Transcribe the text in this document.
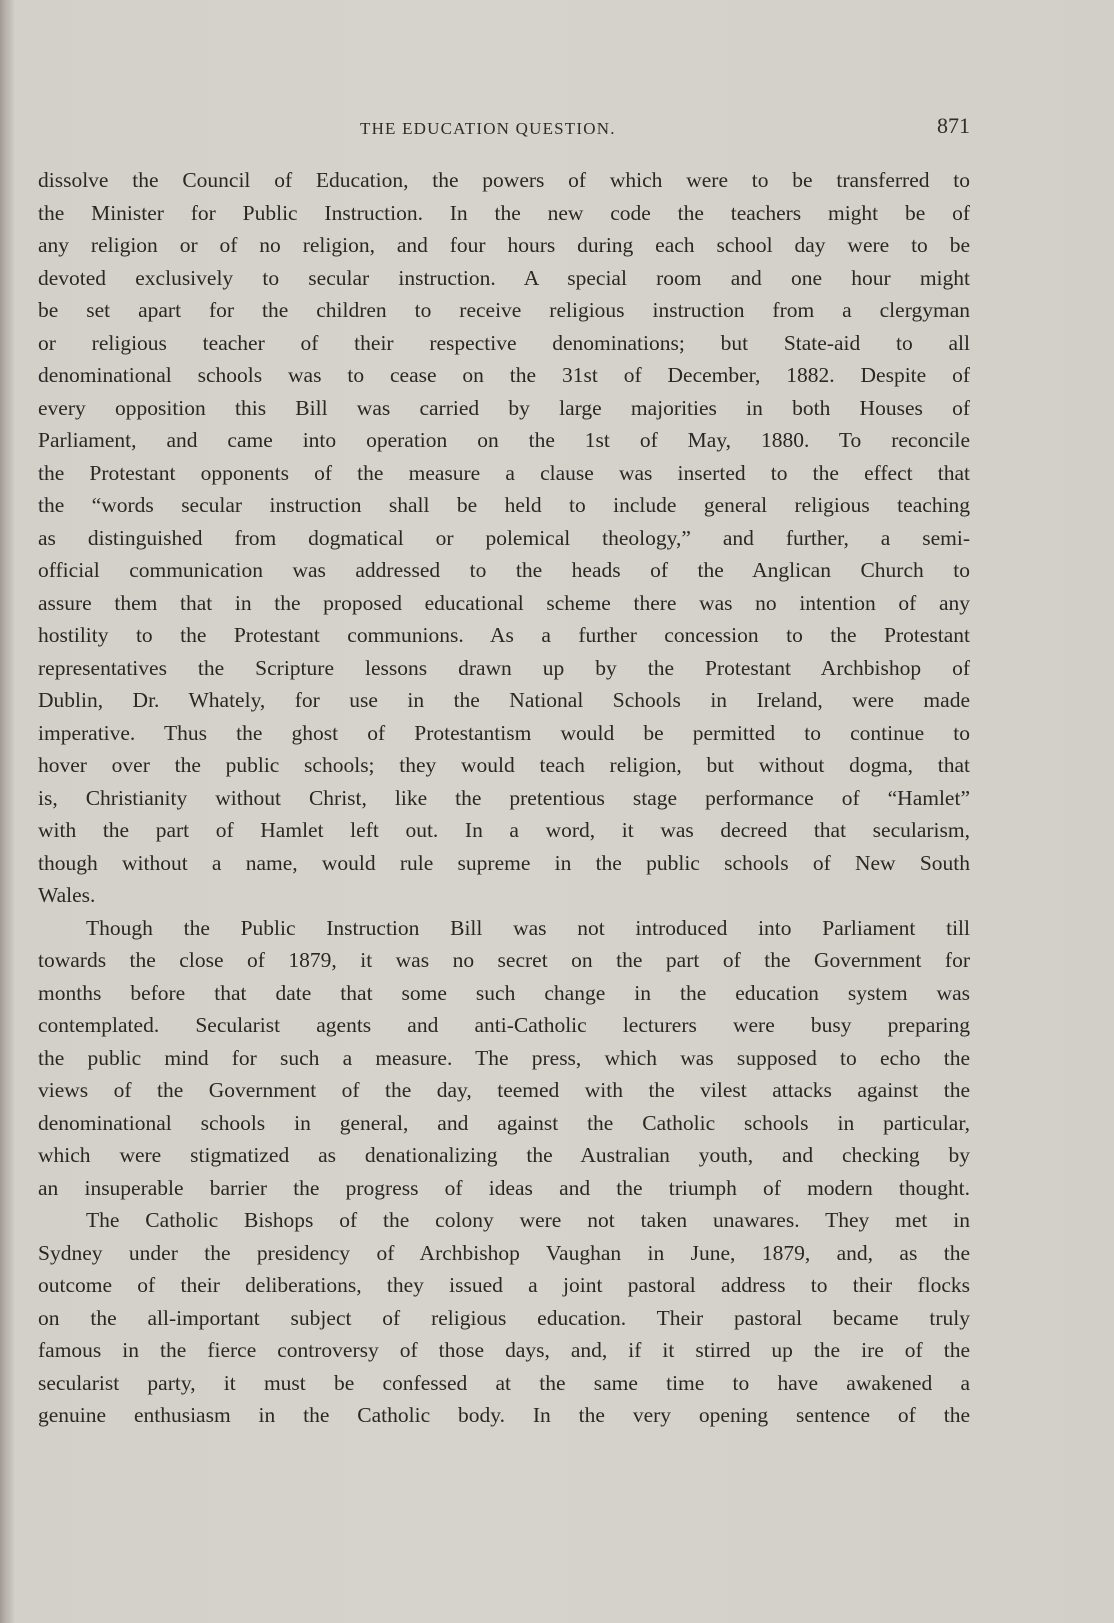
THE EDUCATION QUESTION.	871
dissolve the Council of Education, the powers of which were to be transferred to
the Minister for Public Instruction. In the new code the teachers might be of
any religion or of no religion, and four hours during each school day were to be
devoted exclusively to secular instruction. A special room and one hour might
be set apart for the children to receive religious instruction from a clergyman
or religious teacher of their respective denominations; but State-aid to all
denominational schools was to cease on the 31st of December, 1882. Despite of
every opposition this Bill was carried by large majorities in both Houses of
Parliament, and came into operation on the 1st of May, 1880. To reconcile
the Protestant opponents of the measure a clause was inserted to the effect that
the “words secular instruction shall be held to include general religious teaching
as distinguished from dogmatical or polemical theology,” and further, a semi-
official communication was addressed to the heads of the Anglican Church to
assure them that in the proposed educational scheme there was no intention of any
hostility to the Protestant communions. As a further concession to the Protestant
representatives the Scripture lessons drawn up by the Protestant Archbishop of
Dublin, Dr. Whately, for use in the National Schools in Ireland, were made
imperative. Thus the ghost of Protestantism would be permitted to continue to
hover over the public schools; they would teach religion, but without dogma, that
is, Christianity without Christ, like the pretentious stage performance of “Hamlet”
with the part of Hamlet left out. In a word, it was decreed that secularism,
though without a name, would rule supreme in the public schools of New South
Wales.
Though the Public Instruction Bill was not introduced into Parliament till
towards the close of 1879, it was no secret on the part of the Government for
months before that date that some such change in the education system was
contemplated. Secularist agents and anti-Catholic lecturers were busy preparing
the public mind for such a measure. The press, which was supposed to echo the
views of the Government of the day, teemed with the vilest attacks against the
denominational schools in general, and against the Catholic schools in particular,
which were stigmatized as denationalizing the Australian youth, and checking by
an insuperable barrier the progress of ideas and the triumph of modern thought.
The Catholic Bishops of the colony were not taken unawares. They met in
Sydney under the presidency of Archbishop Vaughan in June, 1879, and, as the
outcome of their deliberations, they issued a joint pastoral address to their flocks
on the all-important subject of religious education. Their pastoral became truly
famous in the fierce controversy of those days, and, if it stirred up the ire of the
secularist party, it must be confessed at the same time to have awakened a
genuine enthusiasm in the Catholic body. In the very opening sentence of the
